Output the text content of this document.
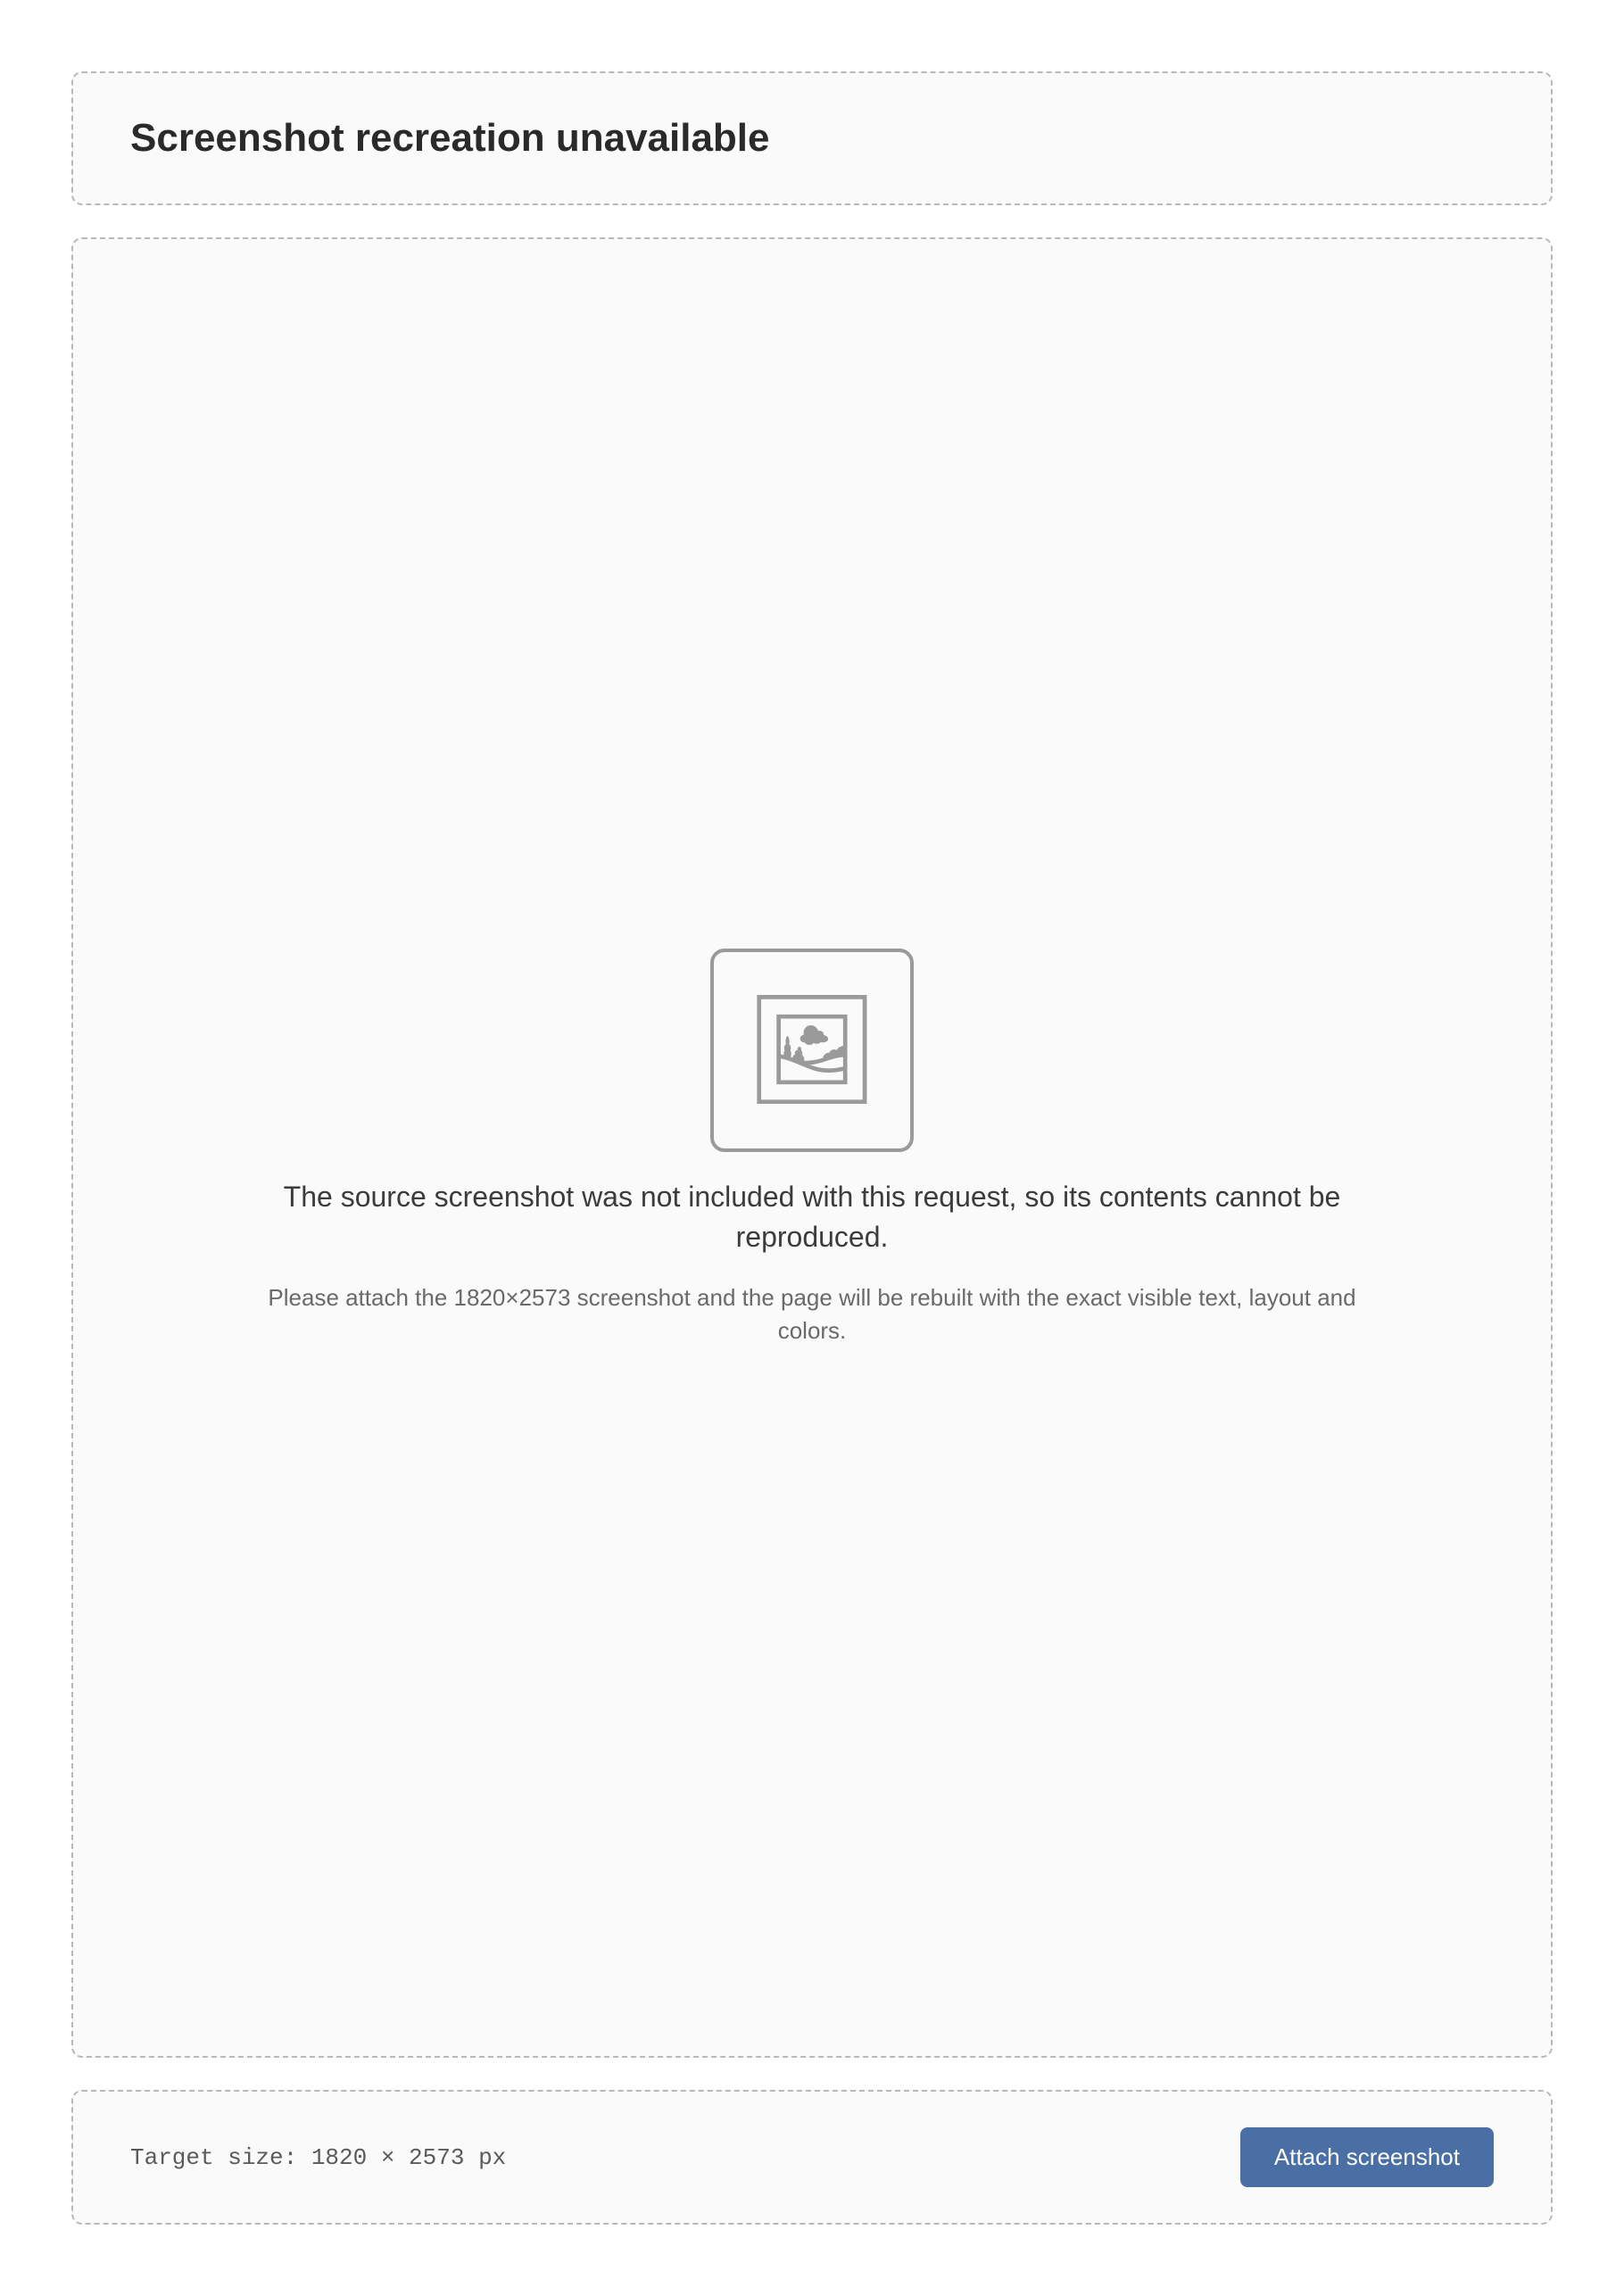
Screenshot recreation unavailable
🖼

The source screenshot was not included with this request, so its contents cannot be reproduced.

Please attach the 1820×2573 screenshot and the page will be rebuilt with the exact visible text, layout and colors.

Target size: 1820 × 2573 px	Attach screenshot
